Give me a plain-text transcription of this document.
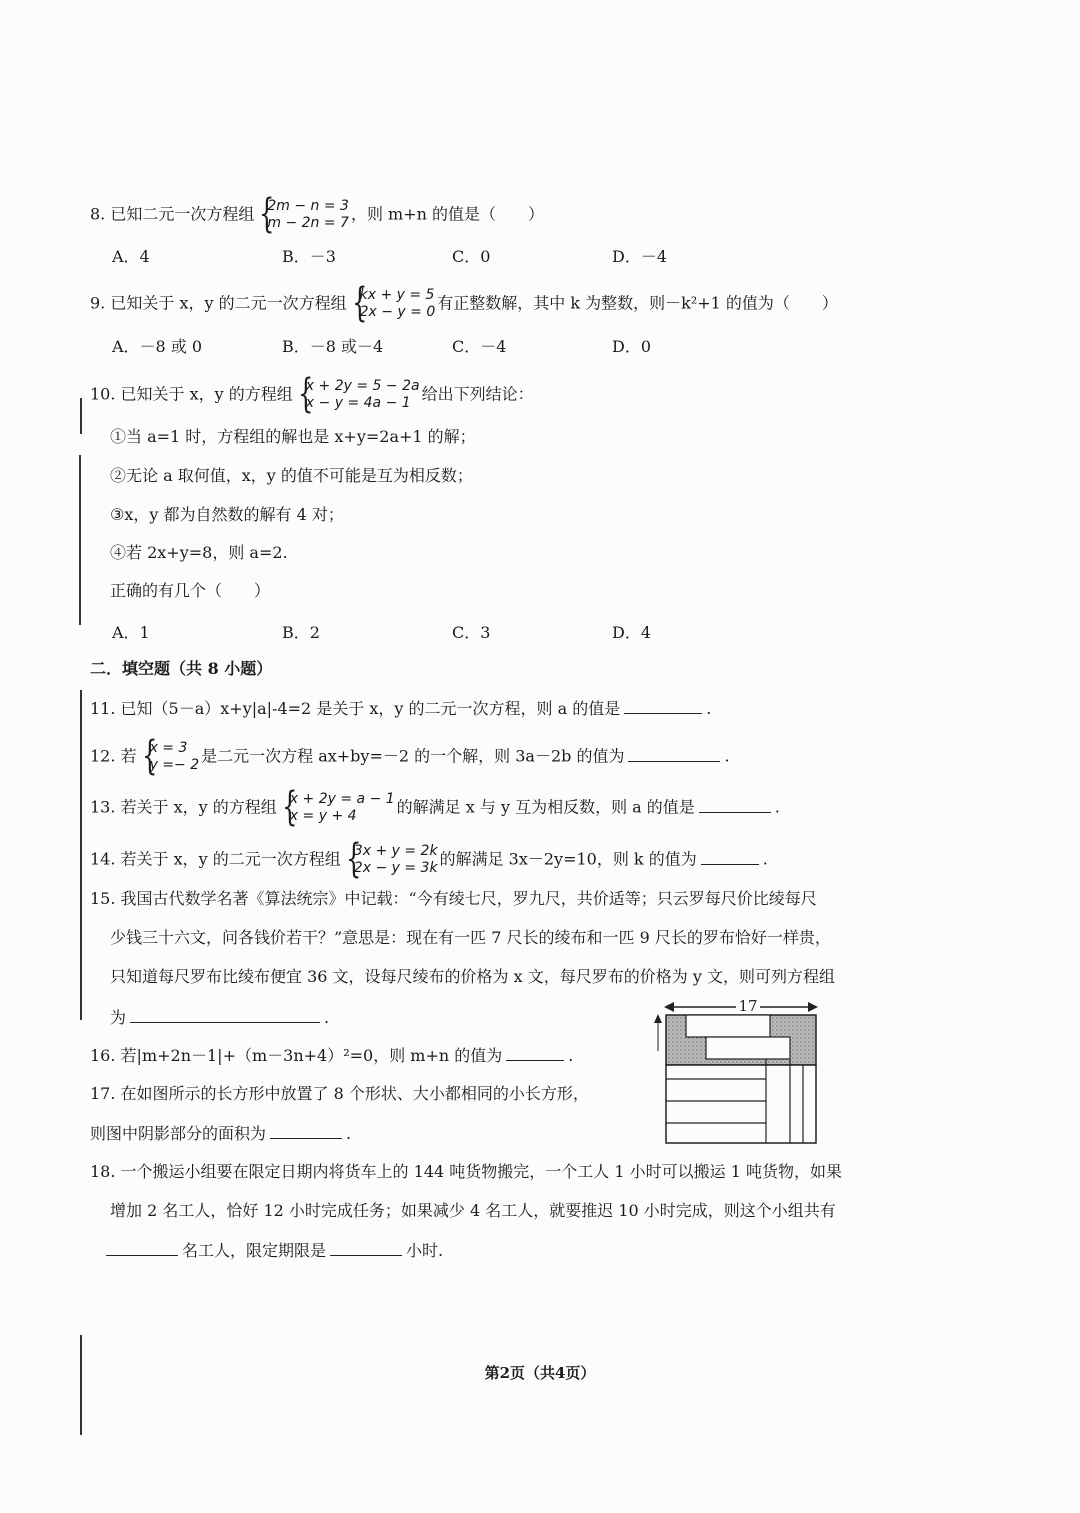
8. 已知二元一次方程组 { 2m − n = 3
m − 2n = 7 ，则 m+n 的值是（　　）
A．4	B．－3	C．0	D．－4
9. 已知关于 x，y 的二元一次方程组 { kx + y = 5
2x − y = 0 有正整数解，其中 k 为整数，则－k²+1 的值为（　　）
A．－8 或 0	B．－8 或－4	C．－4	D．0
10. 已知关于 x，y 的方程组 { x + 2y = 5 − 2a
x − y = 4a − 1 给出下列结论：
①当 a=1 时，方程组的解也是 x+y=2a+1 的解；
②无论 a 取何值，x，y 的值不可能是互为相反数；
③x，y 都为自然数的解有 4 对；
④若 2x+y=8，则 a=2.
正确的有几个（　　）
A．1	B．2	C．3	D．4
二．填空题（共 8 小题）
11. 已知（5－a）x+y|a|-4=2 是关于 x，y 的二元一次方程，则 a 的值是	.
12. 若 { x = 3
y =− 2 是二元一次方程 ax+by=－2 的一个解，则 3a－2b 的值为	.
13. 若关于 x，y 的方程组 { x + 2y = a − 1
x = y + 4	的解满足 x 与 y 互为相反数，则 a 的值是	.
14. 若关于 x，y 的二元一次方程组 { 3x + y = 2k
2x − y = 3k 的解满足 3x－2y=10，则 k 的值为	.
15. 我国古代数学名著《算法统宗》中记载：“今有绫七尺，罗九尺，共价适等；只云罗每尺价比绫每尺
少钱三十六文，问各钱价若干？”意思是：现在有一匹 7 尺长的绫布和一匹 9 尺长的罗布恰好一样贵，
只知道每尺罗布比绫布便宜 36 文，设每尺绫布的价格为 x 文，每尺罗布的价格为 y 文，则可列方程组
为	.
16. 若|m+2n－1|+（m－3n+4）²=0，则 m+n 的值为	.
17. 在如图所示的长方形中放置了 8 个形状、大小都相同的小长方形，
则图中阴影部分的面积为	.
17
18. 一个搬运小组要在限定日期内将货车上的 144 吨货物搬完，一个工人 1 小时可以搬运 1 吨货物，如果
增加 2 名工人，恰好 12 小时完成任务；如果减少 4 名工人，就要推迟 10 小时完成，则这个小组共有
名工人，限定期限是	小时.
第2页（共4页）
